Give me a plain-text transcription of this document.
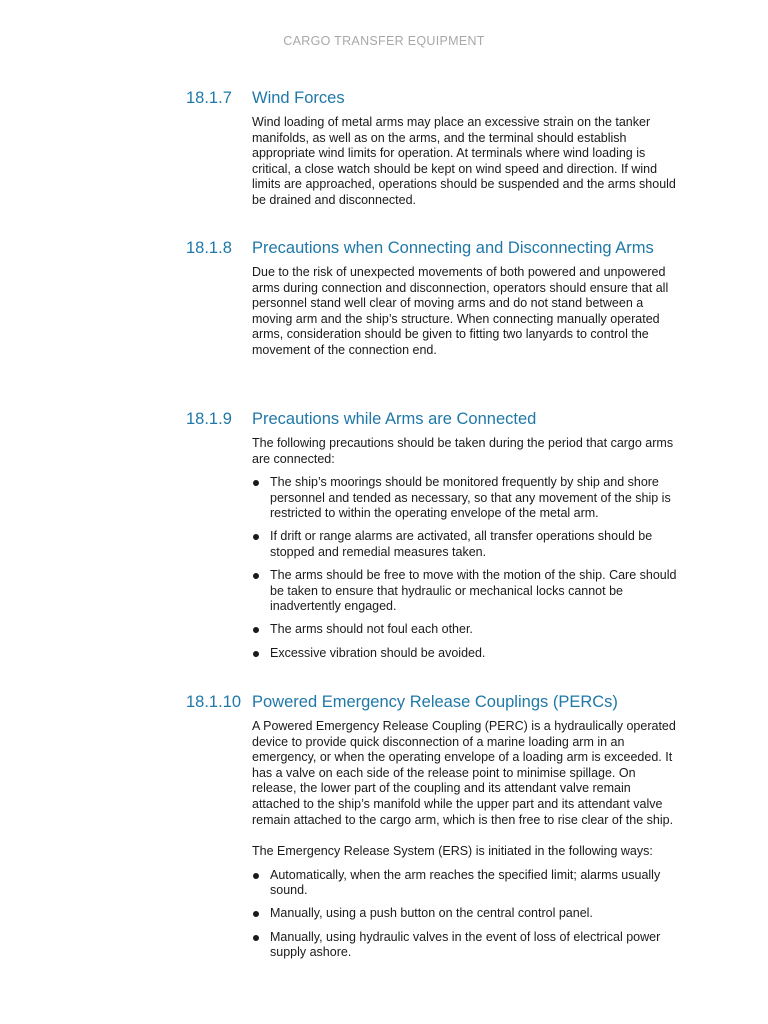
CARGO TRANSFER EQUIPMENT
18.1.7	Wind Forces

Wind loading of metal arms may place an excessive strain on the tanker manifolds, as well as on the arms, and the terminal should establish appropriate wind limits for operation. At terminals where wind loading is critical, a close watch should be kept on wind speed and direction. If wind limits are approached, operations should be suspended and the arms should be drained and disconnected.

18.1.8	Precautions when Connecting and Disconnecting Arms

Due to the risk of unexpected movements of both powered and unpowered arms during connection and disconnection, operators should ensure that all personnel stand well clear of moving arms and do not stand between a moving arm and the ship’s structure. When connecting manually operated arms, consideration should be given to fitting two lanyards to control the movement of the connection end.

18.1.9	Precautions while Arms are Connected

The following precautions should be taken during the period that cargo arms are connected:

The ship’s moorings should be monitored frequently by ship and shore personnel and tended as necessary, so that any movement of the ship is restricted to within the operating envelope of the metal arm.
If drift or range alarms are activated, all transfer operations should be stopped and remedial measures taken.
The arms should be free to move with the motion of the ship. Care should be taken to ensure that hydraulic or mechanical locks cannot be inadvertently engaged.
The arms should not foul each other.
Excessive vibration should be avoided.
18.1.10 Powered Emergency Release Couplings (PERCs)

A Powered Emergency Release Coupling (PERC) is a hydraulically operated device to provide quick disconnection of a marine loading arm in an emergency, or when the operating envelope of a loading arm is exceeded. It has a valve on each side of the release point to minimise spillage. On release, the lower part of the coupling and its attendant valve remain attached to the ship’s manifold while the upper part and its attendant valve remain attached to the cargo arm, which is then free to rise clear of the ship.

The Emergency Release System (ERS) is initiated in the following ways:

Automatically, when the arm reaches the specified limit; alarms usually sound.
Manually, using a push button on the central control panel.
Manually, using hydraulic valves in the event of loss of electrical power supply ashore.
